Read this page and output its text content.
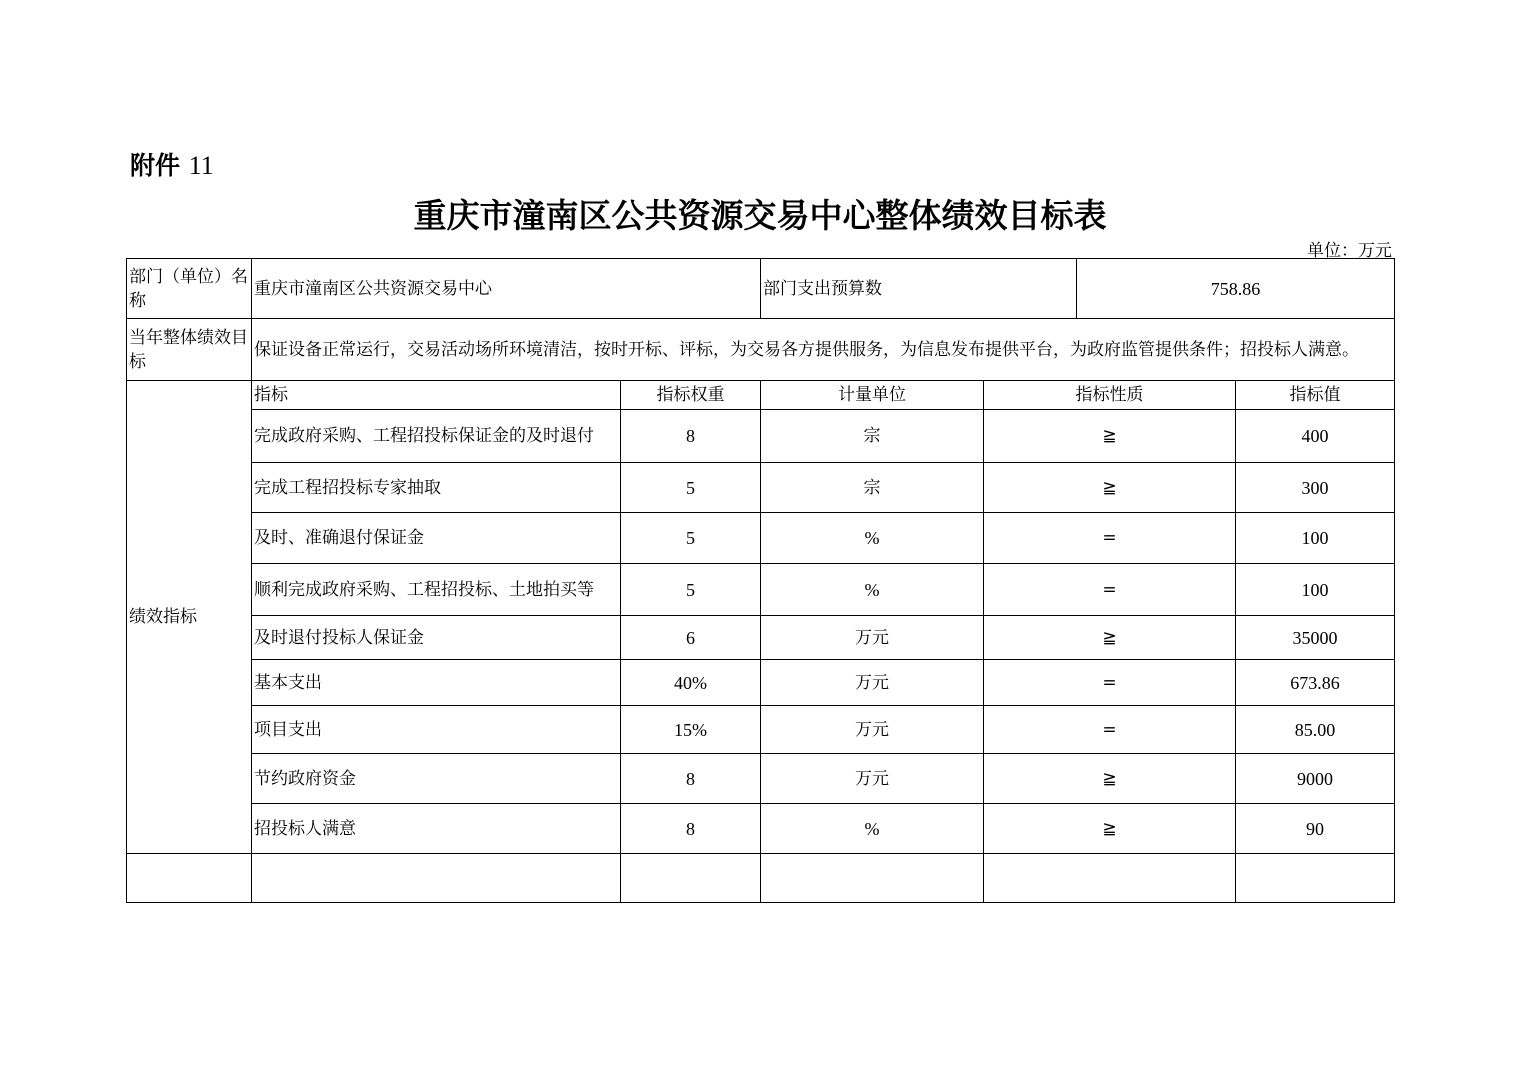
附件 11
重庆市潼南区公共资源交易中心整体绩效目标表
单位：万元
部门（单位）名称	重庆市潼南区公共资源交易中心		部门支出预算数		758.86	
当年整体绩效目标	保证设备正常运行，交易活动场所环境清洁，按时开标、评标，为交易各方提供服务，为信息发布提供平台，为政府监管提供条件；招投标人满意。					
绩效指标	指标	指标权重	计量单位	指标性质		指标值
	完成政府采购、工程招投标保证金的及时退付	8	宗	≧		400
	完成工程招投标专家抽取	5	宗	≧		300
	及时、准确退付保证金	5	%	=		100
	顺利完成政府采购、工程招投标、土地拍买等	5	%	=		100
	及时退付投标人保证金	6	万元	≧		35000
	基本支出	40%	万元	=		673.86
	项目支出	15%	万元	=		85.00
	节约政府资金	8	万元	≧		9000
	招投标人满意	8	%	≧		90
